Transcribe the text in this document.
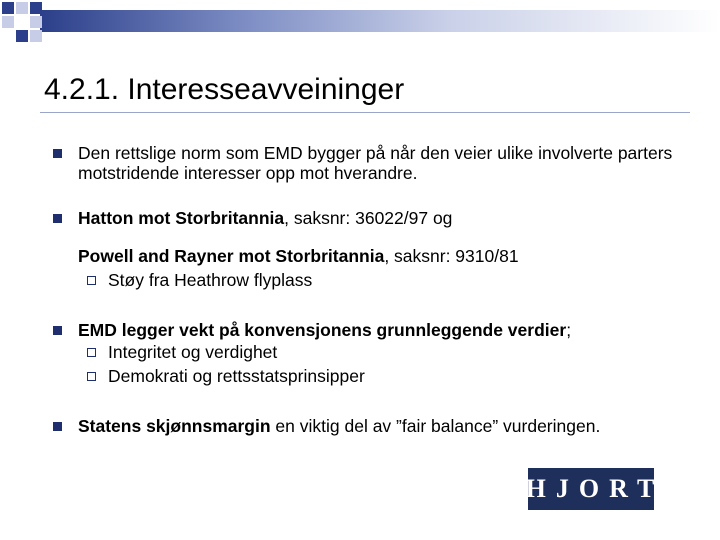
4.2.1. Interesseavveininger
Den rettslige norm som EMD bygger på når den veier ulike involverte parters motstridende interesser opp mot hverandre.
Hatton mot Storbritannia, saksnr: 36022/97 og
Powell and Rayner mot Storbritannia, saksnr: 9310/81
Støy fra Heathrow flyplass
EMD legger vekt på konvensjonens grunnleggende verdier;
Integritet og verdighet
Demokrati og rettsstatsprinsipper
Statens skjønnsmargin en viktig del av ”fair balance” vurderingen.
HJORT
